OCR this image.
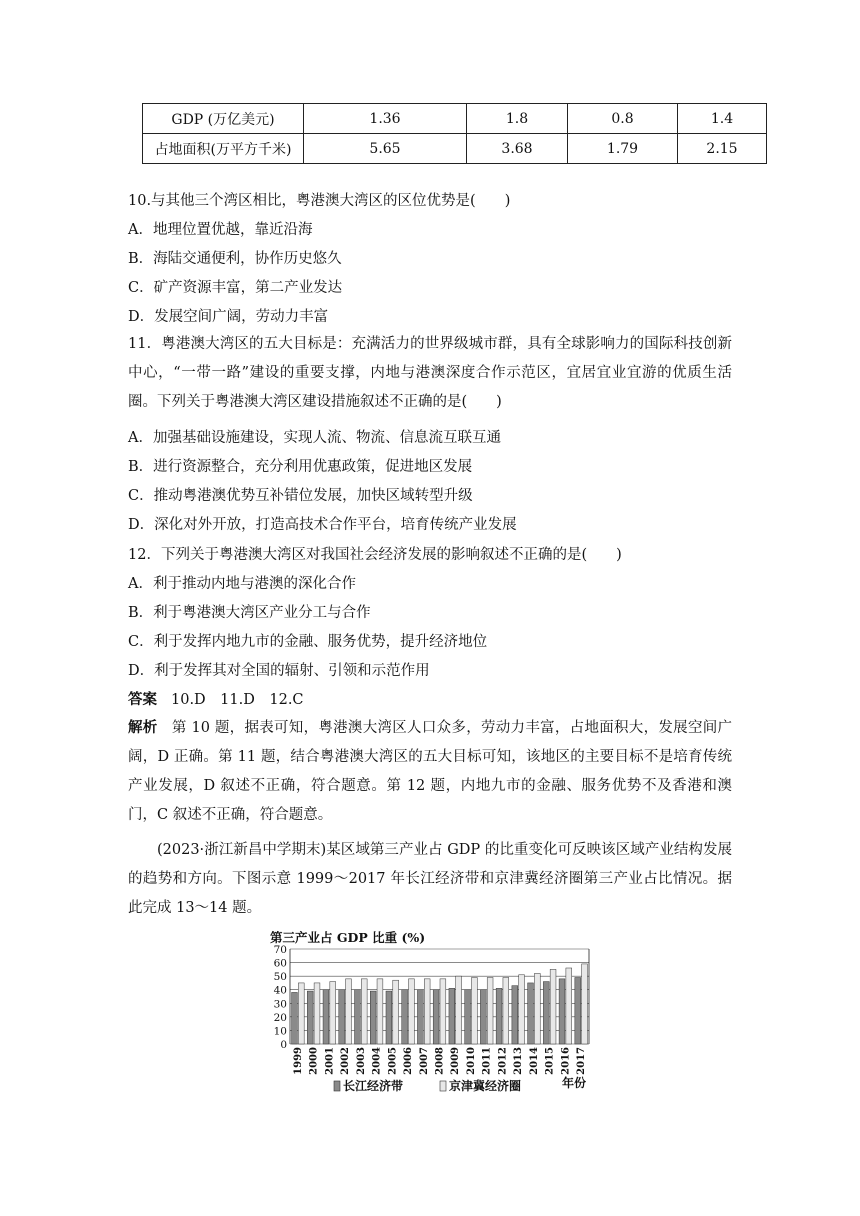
GDP (万亿美元)	1.36	1.8	0.8	1.4
占地面积(万平方千米)	5.65	3.68	1.79	2.15
10.与其他三个湾区相比，粤港澳大湾区的区位优势是(　　)
A．地理位置优越，靠近沿海
B．海陆交通便利，协作历史悠久
C．矿产资源丰富，第二产业发达
D．发展空间广阔，劳动力丰富
11．粤港澳大湾区的五大目标是：充满活力的世界级城市群，具有全球影响力的国际科技创新中心，“一带一路”建设的重要支撑，内地与港澳深度合作示范区，宜居宜业宜游的优质生活圈。下列关于粤港澳大湾区建设措施叙述不正确的是(　　)
A．加强基础设施建设，实现人流、物流、信息流互联互通
B．进行资源整合，充分利用优惠政策，促进地区发展
C．推动粤港澳优势互补错位发展，加快区域转型升级
D．深化对外开放，打造高技术合作平台，培育传统产业发展
12．下列关于粤港澳大湾区对我国社会经济发展的影响叙述不正确的是(　　)
A．利于推动内地与港澳的深化合作
B．利于粤港澳大湾区产业分工与合作
C．利于发挥内地九市的金融、服务优势，提升经济地位
D．利于发挥其对全国的辐射、引领和示范作用
答案 10.D　11.D　12.C
解析 第 10 题，据表可知，粤港澳大湾区人口众多，劳动力丰富，占地面积大，发展空间广阔，D 正确。第 11 题，结合粤港澳大湾区的五大目标可知，该地区的主要目标不是培育传统产业发展，D 叙述不正确，符合题意。第 12 题，内地九市的金融、服务优势不及香港和澳门，C 叙述不正确，符合题意。
(2023·浙江新昌中学期末)某区域第三产业占 GDP 的比重变化可反映该区域产业结构发展的趋势和方向。下图示意 1999～2017 年长江经济带和京津冀经济圈第三产业占比情况。据此完成 13～14 题。
第三产业占 GDP 比重 (%)
0
10
20
30
40
50
60
70
1999 2000 2001 2002 2003 2004 2005 2006 2007 2008 2009 2010 2011 2012 2013 2014 2015 2016 2017
长江经济带	京津冀经济圈	年份
